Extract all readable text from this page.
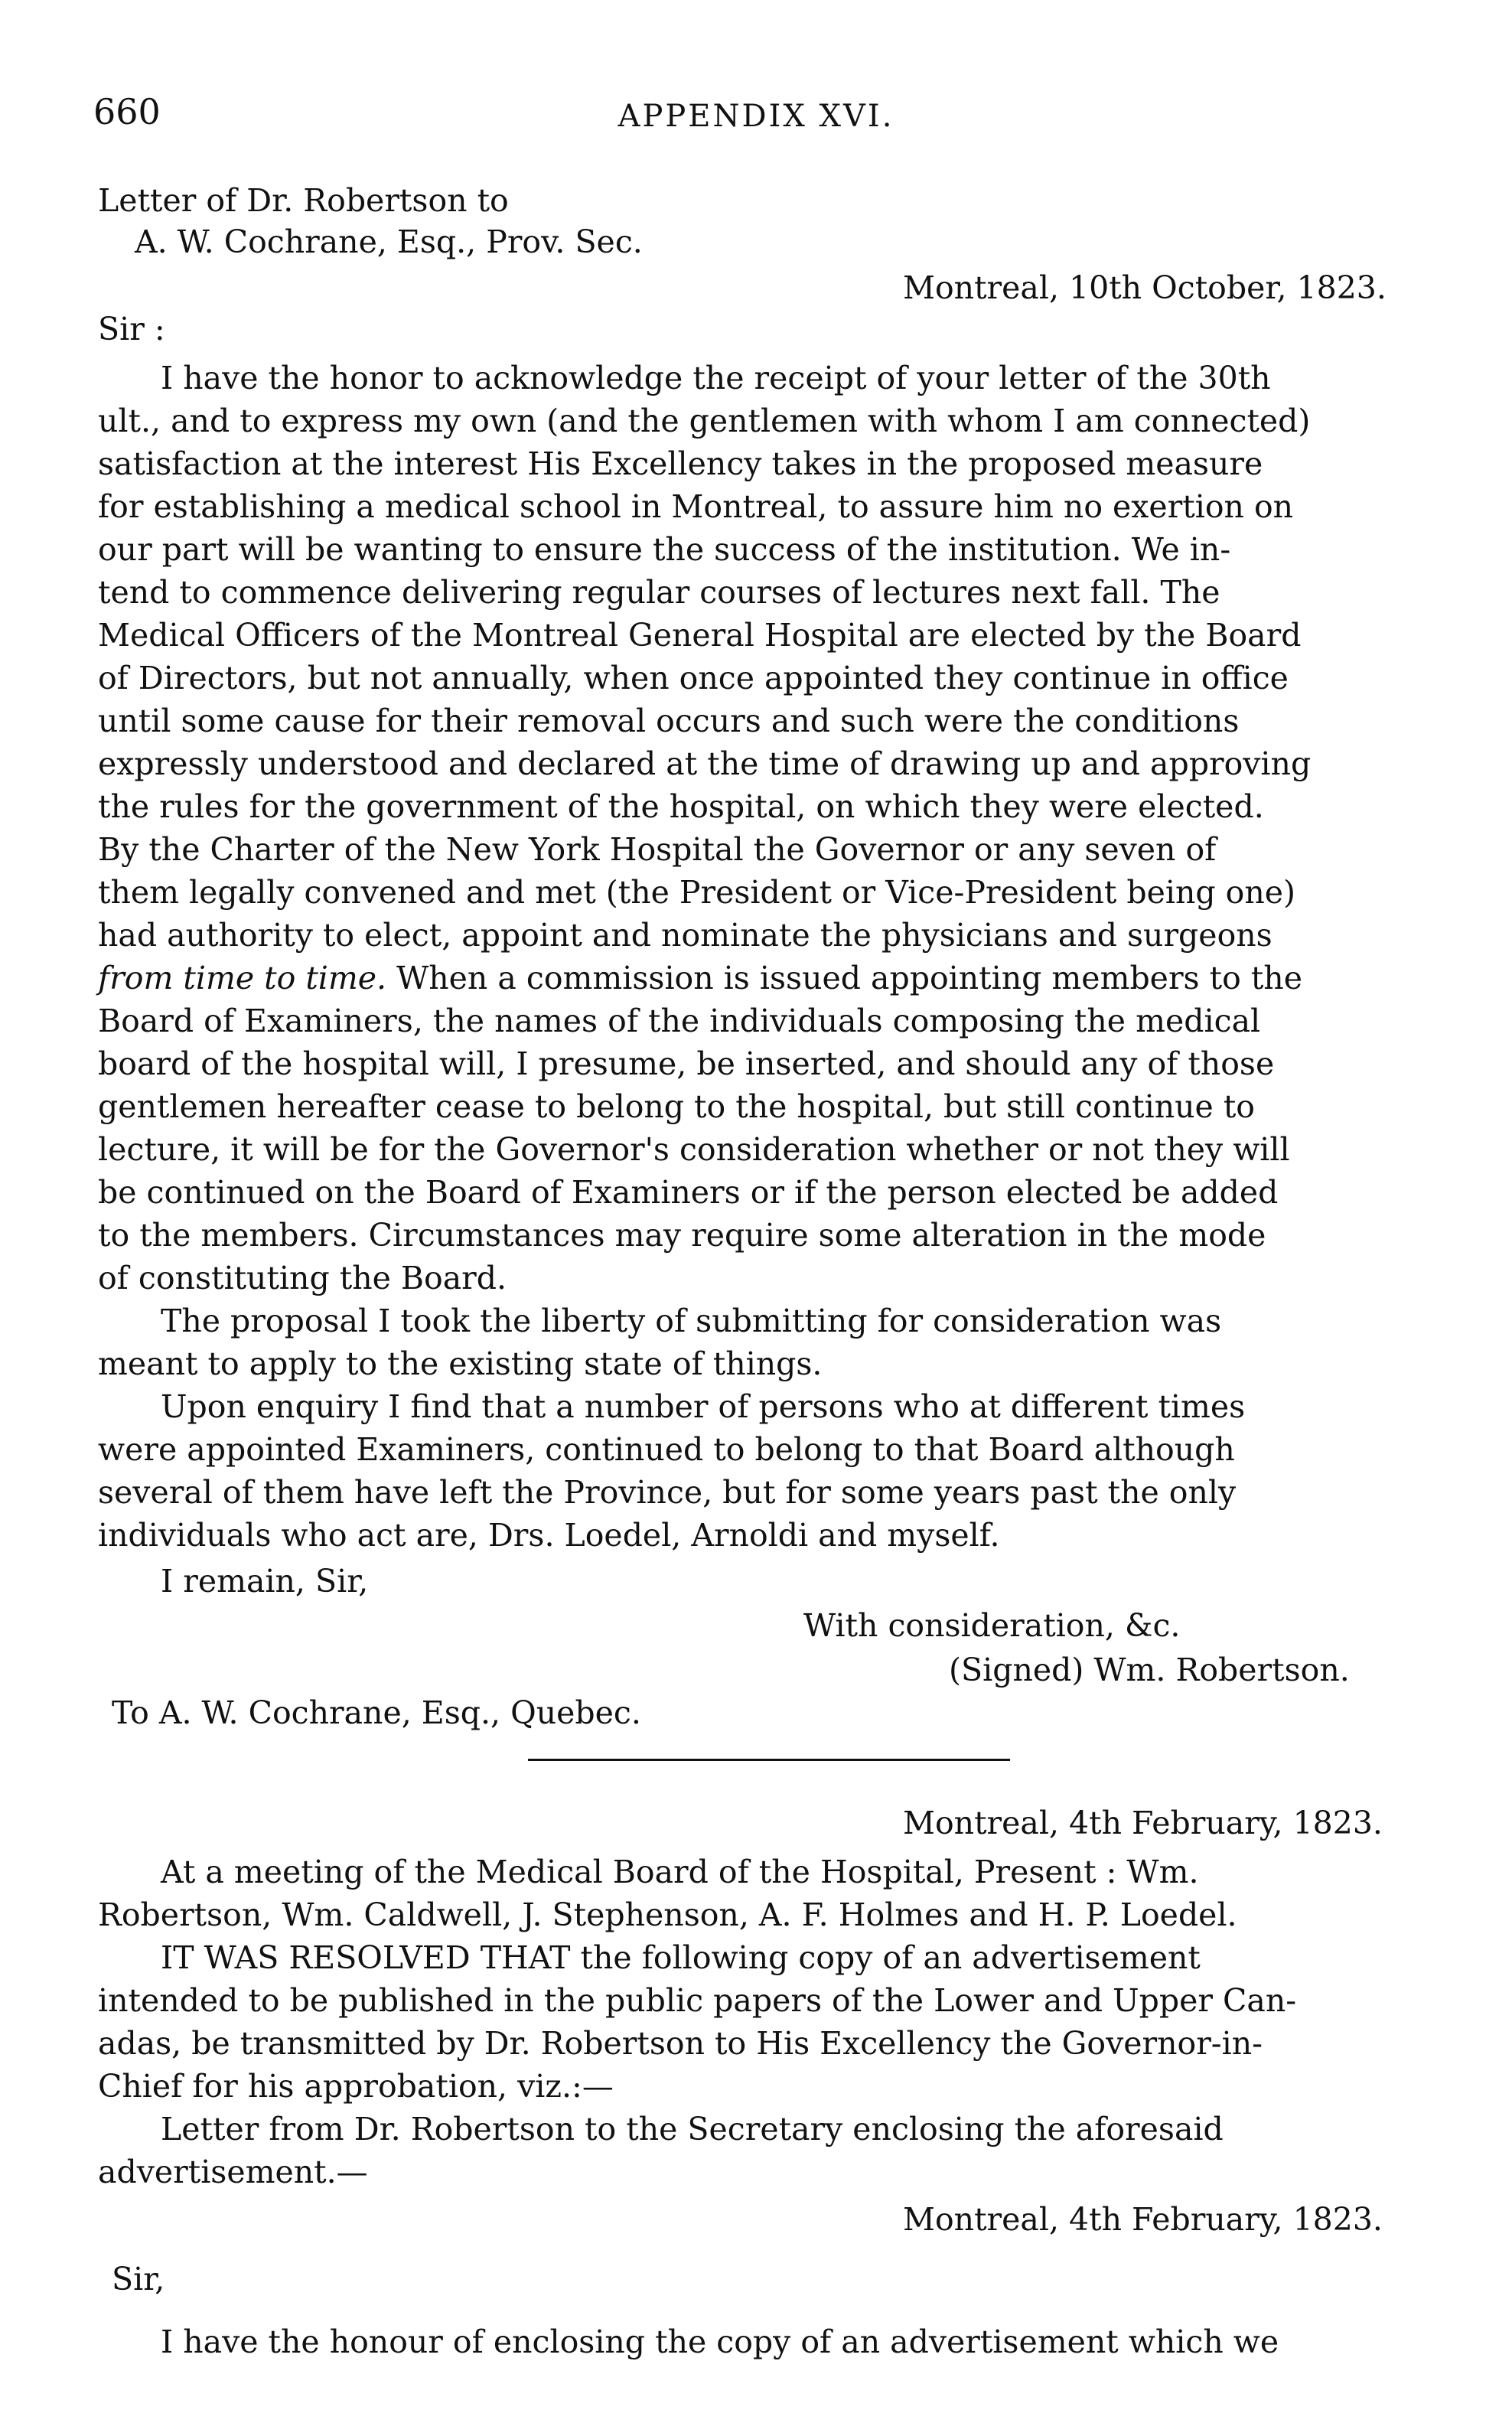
660	APPENDIX XVI.
Letter of Dr. Robertson to
A. W. Cochrane, Esq., Prov. Sec.
Montreal, 10th October, 1823.
Sir :
I have the honor to acknowledge the receipt of your letter of the 30th
ult., and to express my own (and the gentlemen with whom I am connected)
satisfaction at the interest His Excellency takes in the proposed measure
for establishing a medical school in Montreal, to assure him no exertion on
our part will be wanting to ensure the success of the institution. We in-
tend to commence delivering regular courses of lectures next fall. The
Medical Officers of the Montreal General Hospital are elected by the Board
of Directors, but not annually, when once appointed they continue in office
until some cause for their removal occurs and such were the conditions
expressly understood and declared at the time of drawing up and approving
the rules for the government of the hospital, on which they were elected.
By the Charter of the New York Hospital the Governor or any seven of
them legally convened and met (the President or Vice-President being one)
had authority to elect, appoint and nominate the physicians and surgeons
from time to time. When a commission is issued appointing members to the
Board of Examiners, the names of the individuals composing the medical
board of the hospital will, I presume, be inserted, and should any of those
gentlemen hereafter cease to belong to the hospital, but still continue to
lecture, it will be for the Governor's consideration whether or not they will
be continued on the Board of Examiners or if the person elected be added
to the members. Circumstances may require some alteration in the mode
of constituting the Board.
The proposal I took the liberty of submitting for consideration was
meant to apply to the existing state of things.
Upon enquiry I find that a number of persons who at different times
were appointed Examiners, continued to belong to that Board although
several of them have left the Province, but for some years past the only
individuals who act are, Drs. Loedel, Arnoldi and myself.
I remain, Sir,
With consideration, &c.
(Signed) Wm. Robertson.
To A. W. Cochrane, Esq., Quebec.
Montreal, 4th February, 1823.
At a meeting of the Medical Board of the Hospital, Present : Wm.
Robertson, Wm. Caldwell, J. Stephenson, A. F. Holmes and H. P. Loedel.
IT WAS RESOLVED THAT the following copy of an advertisement
intended to be published in the public papers of the Lower and Upper Can-
adas, be transmitted by Dr. Robertson to His Excellency the Governor-in-
Chief for his approbation, viz.:—
Letter from Dr. Robertson to the Secretary enclosing the aforesaid
advertisement.—
Montreal, 4th February, 1823.
Sir,
I have the honour of enclosing the copy of an advertisement which we
